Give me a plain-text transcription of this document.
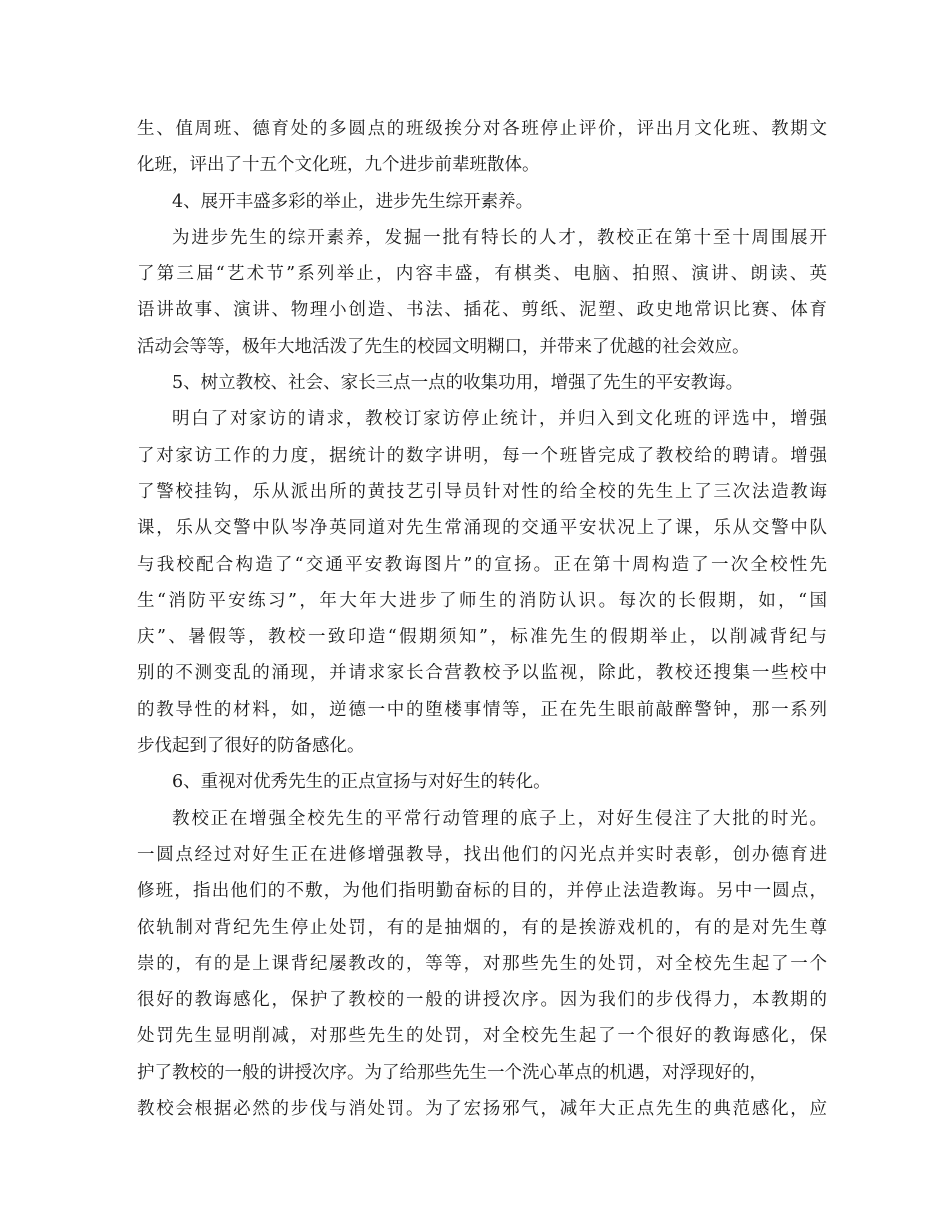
生、值周班、德育处的多圆点的班级挨分对各班停止评价，评出月文化班、教期文
化班，评出了十五个文化班，九个进步前辈班散体。
4、展开丰盛多彩的举止，进步先生综开素养。
为进步先生的综开素养，发掘一批有特长的人才，教校正在第十至十周围展开
了第三届“艺术节”系列举止，内容丰盛，有棋类、电脑、拍照、演讲、朗读、英
语讲故事、演讲、物理小创造、书法、插花、剪纸、泥塑、政史地常识比赛、体育
活动会等等，极年大地活泼了先生的校园文明糊口，并带来了优越的社会效应。
5、树立教校、社会、家长三点一点的收集功用，增强了先生的平安教诲。
明白了对家访的请求，教校订家访停止统计，并归入到文化班的评选中，增强
了对家访工作的力度，据统计的数字讲明，每一个班皆完成了教校给的聘请。增强
了警校挂钩，乐从派出所的黄技艺引导员针对性的给全校的先生上了三次法造教诲
课，乐从交警中队岑净英同道对先生常涌现的交通平安状况上了课，乐从交警中队
与我校配合构造了“交通平安教诲图片”的宣扬。正在第十周构造了一次全校性先
生“消防平安练习”，年大年大进步了师生的消防认识。每次的长假期，如，“国
庆”、暑假等，教校一致印造“假期须知”，标准先生的假期举止，以削减背纪与
别的不测变乱的涌现，并请求家长合营教校予以监视，除此，教校还搜集一些校中
的教导性的材料，如，逆德一中的堕楼事情等，正在先生眼前敲醉警钟，那一系列
步伐起到了很好的防备感化。
6、重视对优秀先生的正点宣扬与对好生的转化。
教校正在增强全校先生的平常行动管理的底子上，对好生侵注了大批的时光。
一圆点经过对好生正在进修增强教导，找出他们的闪光点并实时表彰，创办德育进
修班，指出他们的不敷，为他们指明勤奋标的目的，并停止法造教诲。另中一圆点，
依轨制对背纪先生停止处罚，有的是抽烟的，有的是挨游戏机的，有的是对先生尊
崇的，有的是上课背纪屡教改的，等等，对那些先生的处罚，对全校先生起了一个
很好的教诲感化，保护了教校的一般的讲授次序。因为我们的步伐得力，本教期的
处罚先生显明削减，对那些先生的处罚，对全校先生起了一个很好的教诲感化，保
护了教校的一般的讲授次序。为了给那些先生一个洗心革点的机遇，对浮现好的，
教校会根据必然的步伐与消处罚。为了宏扬邪气，减年大正点先生的典范感化，应
